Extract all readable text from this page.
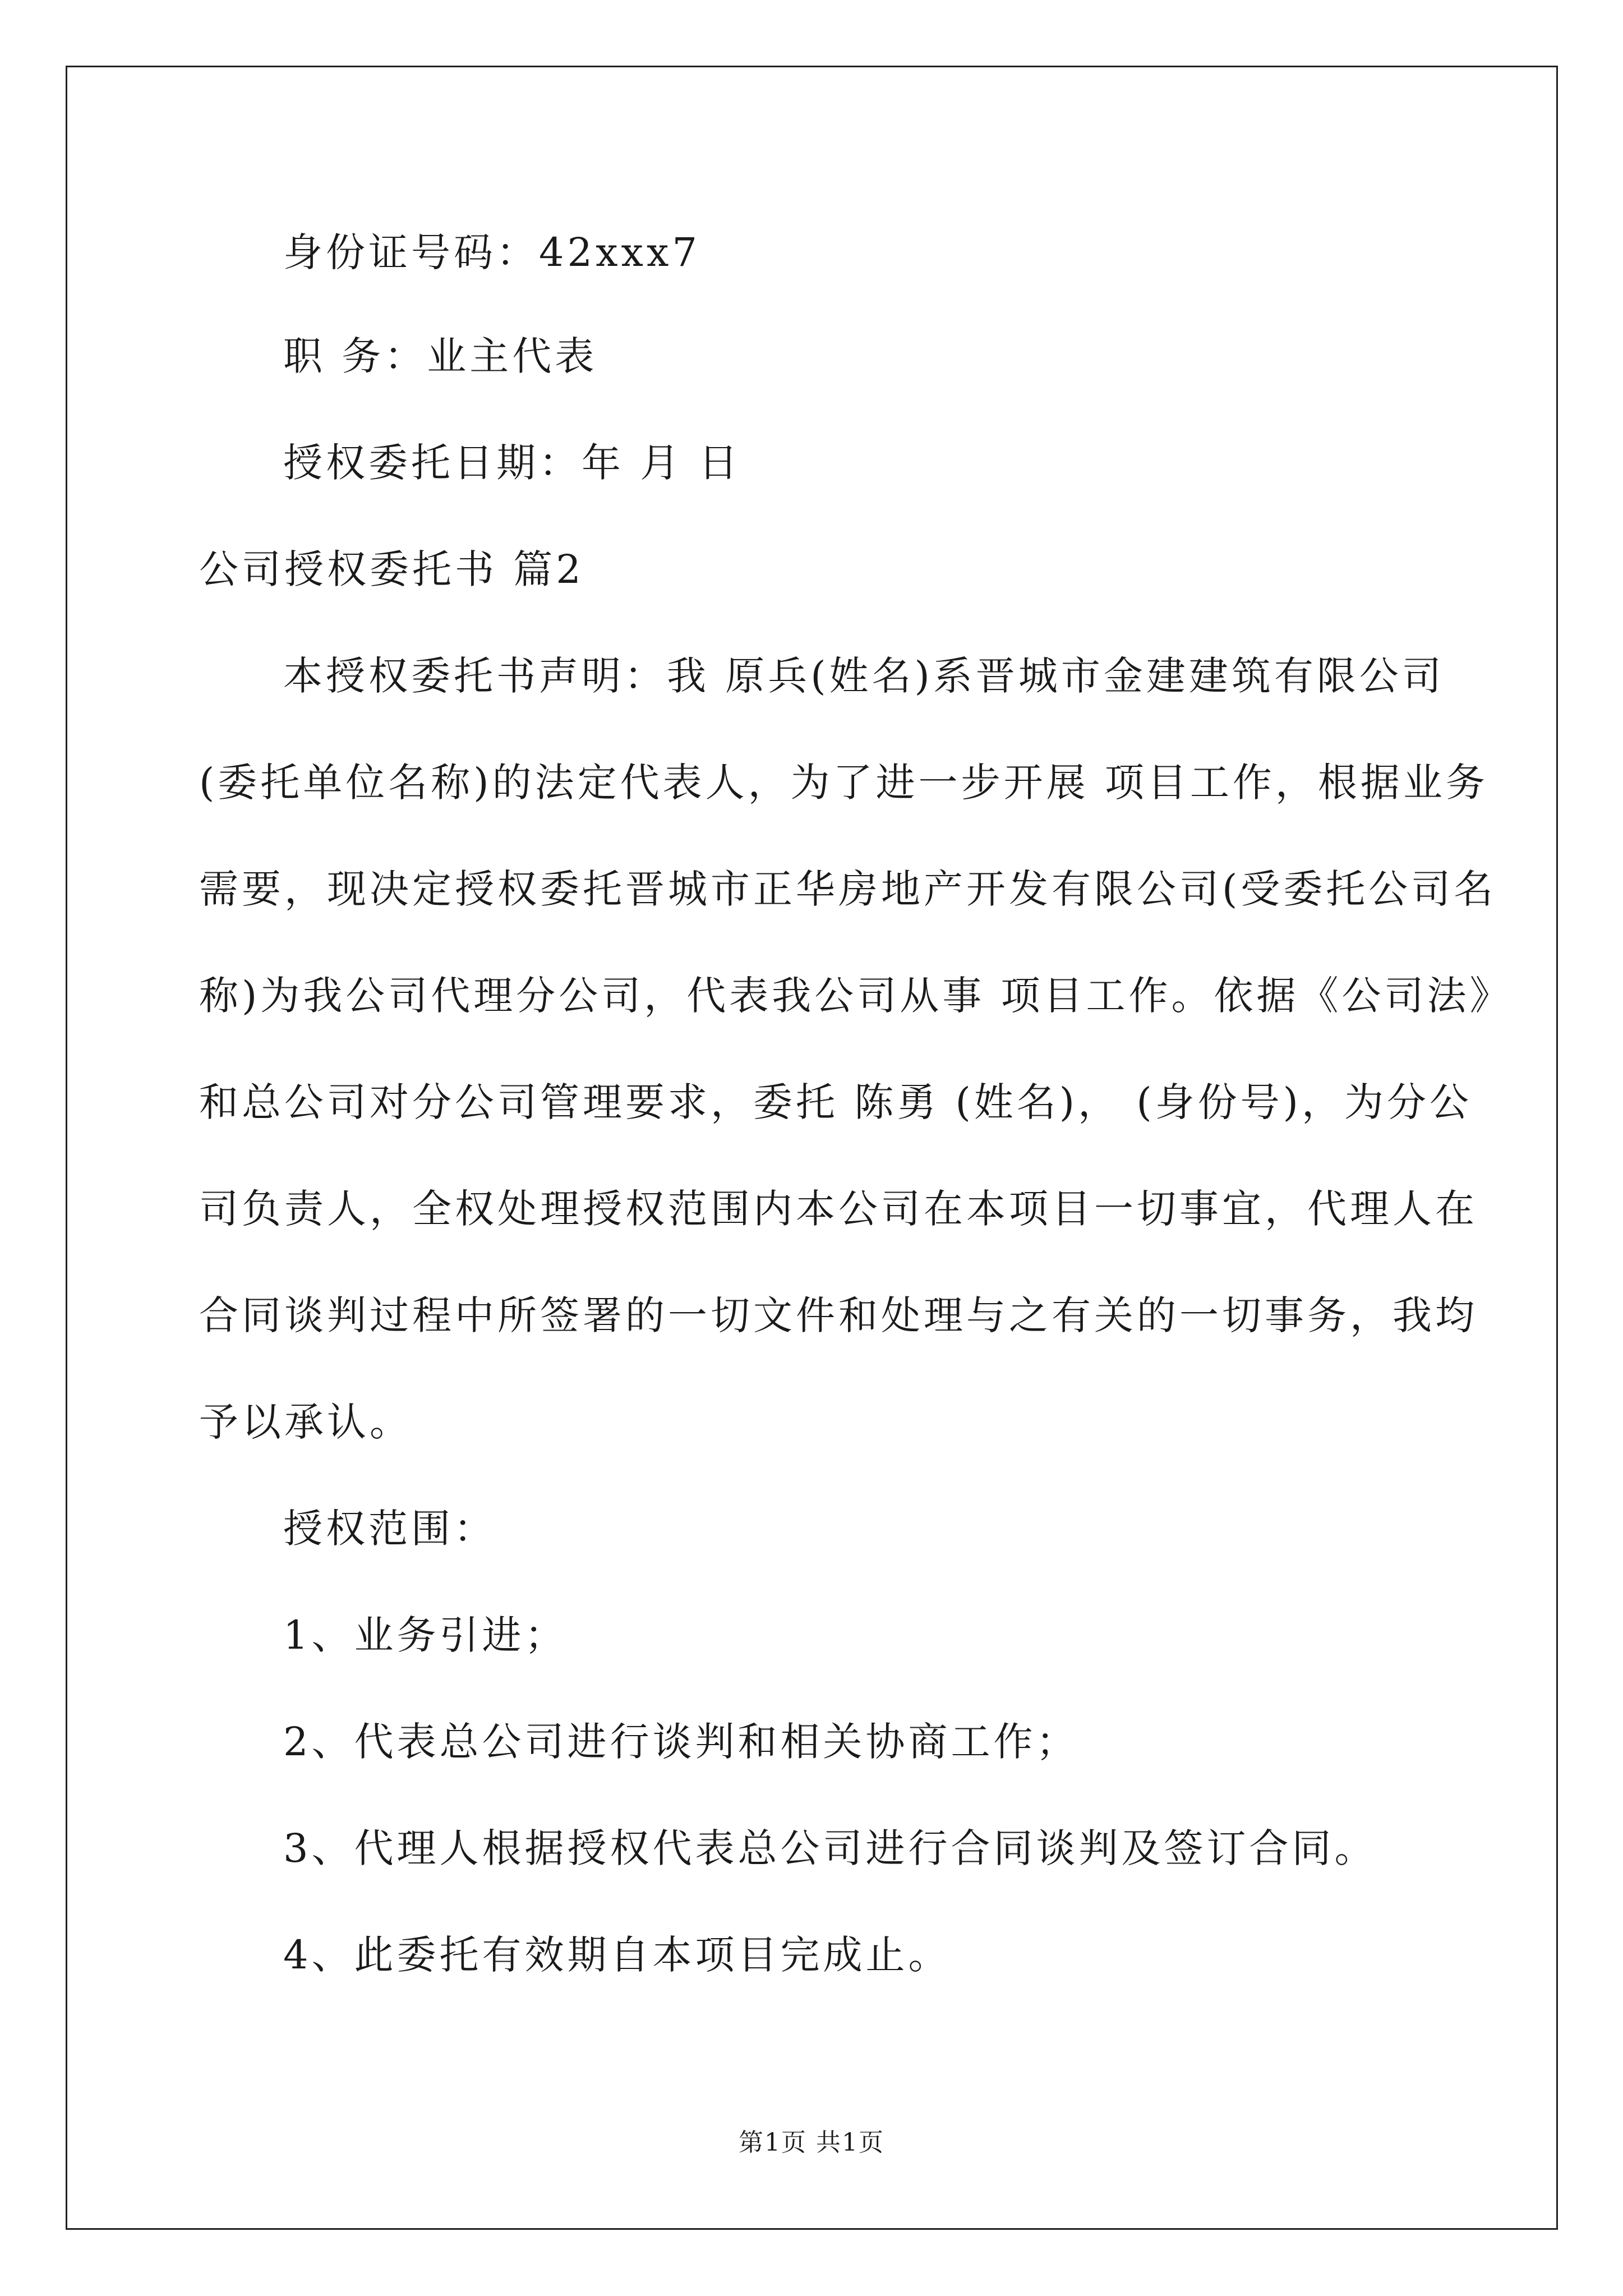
身份证号码：42xxx7
职 务：业主代表
授权委托日期：年 月 日
公司授权委托书 篇2
本授权委托书声明：我 原兵(姓名)系晋城市金建建筑有限公司
(委托单位名称)的法定代表人，为了进一步开展 项目工作，根据业务
需要，现决定授权委托晋城市正华房地产开发有限公司(受委托公司名
称)为我公司代理分公司，代表我公司从事 项目工作。依据《公司法》
和总公司对分公司管理要求，委托 陈勇 (姓名)， (身份号)，为分公
司负责人，全权处理授权范围内本公司在本项目一切事宜，代理人在
合同谈判过程中所签署的一切文件和处理与之有关的一切事务，我均
予以承认。
授权范围：
1、业务引进；
2、代表总公司进行谈判和相关协商工作；
3、代理人根据授权代表总公司进行合同谈判及签订合同。
4、此委托有效期自本项目完成止。
第1页 共1页
